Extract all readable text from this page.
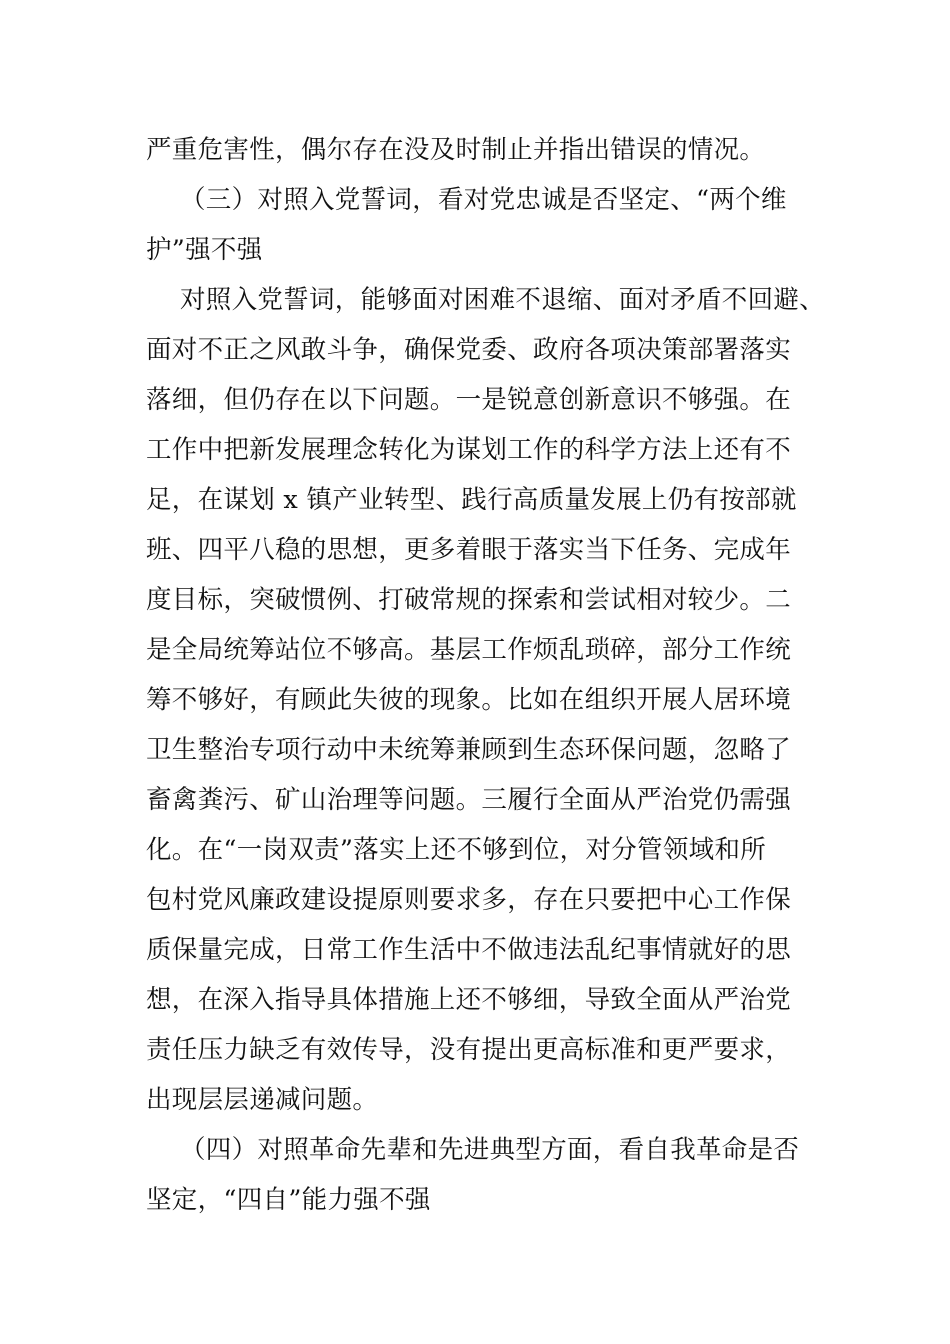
严重危害性，偶尔存在没及时制止并指出错误的情况。
（三）对照入党誓词，看对党忠诚是否坚定、“两个维
护”强不强
对照入党誓词，能够面对困难不退缩、面对矛盾不回避、
面对不正之风敢斗争，确保党委、政府各项决策部署落实
落细，但仍存在以下问题。一是锐意创新意识不够强。在
工作中把新发展理念转化为谋划工作的科学方法上还有不
足，在谋划 x 镇产业转型、践行高质量发展上仍有按部就
班、四平八稳的思想，更多着眼于落实当下任务、完成年
度目标，突破惯例、打破常规的探索和尝试相对较少。二
是全局统筹站位不够高。基层工作烦乱琐碎，部分工作统
筹不够好，有顾此失彼的现象。比如在组织开展人居环境
卫生整治专项行动中未统筹兼顾到生态环保问题，忽略了
畜禽粪污、矿山治理等问题。三履行全面从严治党仍需强
化。在“一岗双责”落实上还不够到位，对分管领域和所
包村党风廉政建设提原则要求多，存在只要把中心工作保
质保量完成，日常工作生活中不做违法乱纪事情就好的思
想，在深入指导具体措施上还不够细，导致全面从严治党
责任压力缺乏有效传导，没有提出更高标准和更严要求，
出现层层递减问题。
（四）对照革命先辈和先进典型方面，看自我革命是否
坚定，“四自”能力强不强
